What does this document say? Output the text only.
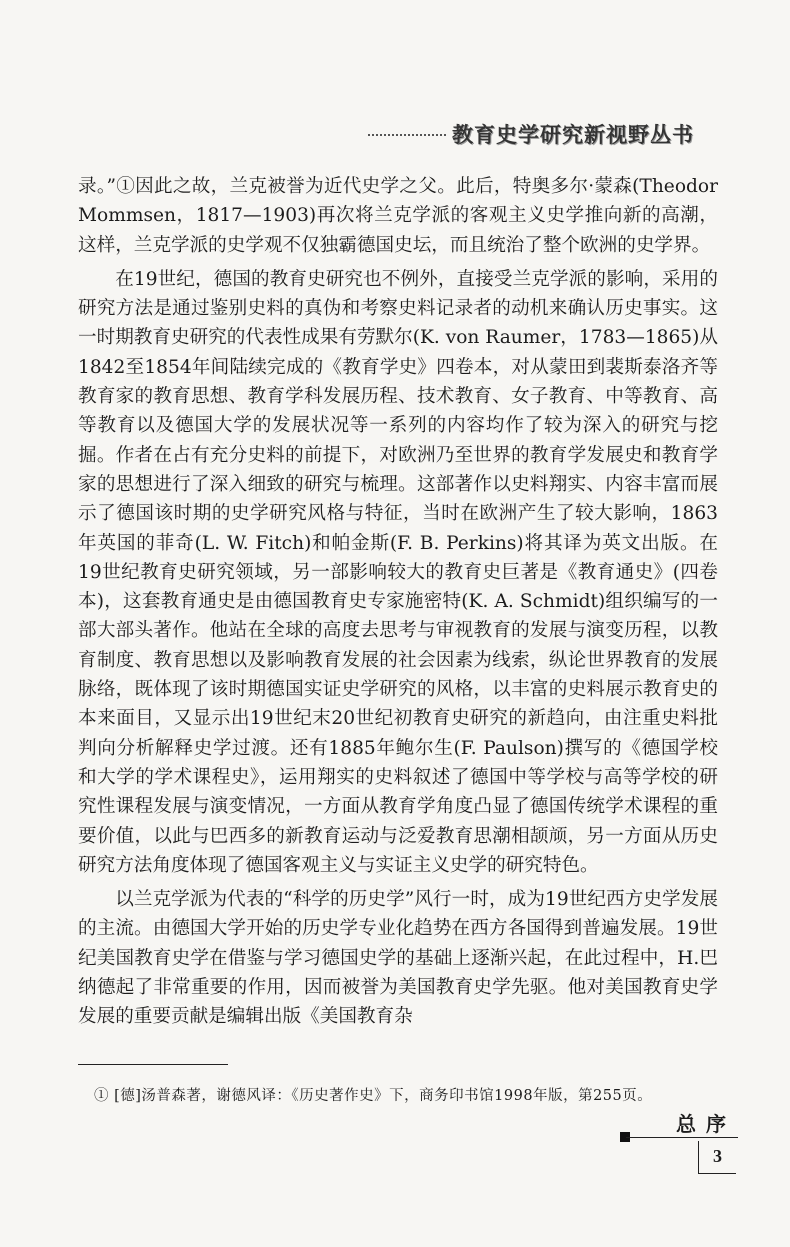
教育史学研究新视野丛书

录。”①因此之故，兰克被誉为近代史学之父。此后，特奥多尔·蒙森(Theodor Mommsen，1817—1903)再次将兰克学派的客观主义史学推向新的高潮，这样，兰克学派的史学观不仅独霸德国史坛，而且统治了整个欧洲的史学界。

在19世纪，德国的教育史研究也不例外，直接受兰克学派的影响，采用的研究方法是通过鉴别史料的真伪和考察史料记录者的动机来确认历史事实。这一时期教育史研究的代表性成果有劳默尔(K. von Raumer，1783—1865)从1842至1854年间陆续完成的《教育学史》四卷本，对从蒙田到裴斯泰洛齐等教育家的教育思想、教育学科发展历程、技术教育、女子教育、中等教育、高等教育以及德国大学的发展状况等一系列的内容均作了较为深入的研究与挖掘。作者在占有充分史料的前提下，对欧洲乃至世界的教育学发展史和教育学家的思想进行了深入细致的研究与梳理。这部著作以史料翔实、内容丰富而展示了德国该时期的史学研究风格与特征，当时在欧洲产生了较大影响，1863年英国的菲奇(L. W. Fitch)和帕金斯(F. B. Perkins)将其译为英文出版。在19世纪教育史研究领域，另一部影响较大的教育史巨著是《教育通史》(四卷本)，这套教育通史是由德国教育史专家施密特(K. A. Schmidt)组织编写的一部大部头著作。他站在全球的高度去思考与审视教育的发展与演变历程，以教育制度、教育思想以及影响教育发展的社会因素为线索，纵论世界教育的发展脉络，既体现了该时期德国实证史学研究的风格，以丰富的史料展示教育史的本来面目，又显示出19世纪末20世纪初教育史研究的新趋向，由注重史料批判向分析解释史学过渡。还有1885年鲍尔生(F. Paulson)撰写的《德国学校和大学的学术课程史》，运用翔实的史料叙述了德国中等学校与高等学校的研究性课程发展与演变情况，一方面从教育学角度凸显了德国传统学术课程的重要价值，以此与巴西多的新教育运动与泛爱教育思潮相颉颃，另一方面从历史研究方法角度体现了德国客观主义与实证主义史学的研究特色。

以兰克学派为代表的“科学的历史学”风行一时，成为19世纪西方史学发展的主流。由德国大学开始的历史学专业化趋势在西方各国得到普遍发展。19世纪美国教育史学在借鉴与学习德国史学的基础上逐渐兴起，在此过程中，H.巴纳德起了非常重要的作用，因而被誉为美国教育史学先驱。他对美国教育史学发展的重要贡献是编辑出版《美国教育杂

① [德]汤普森著，谢德风译：《历史著作史》下，商务印书馆1998年版，第255页。
总序
3
